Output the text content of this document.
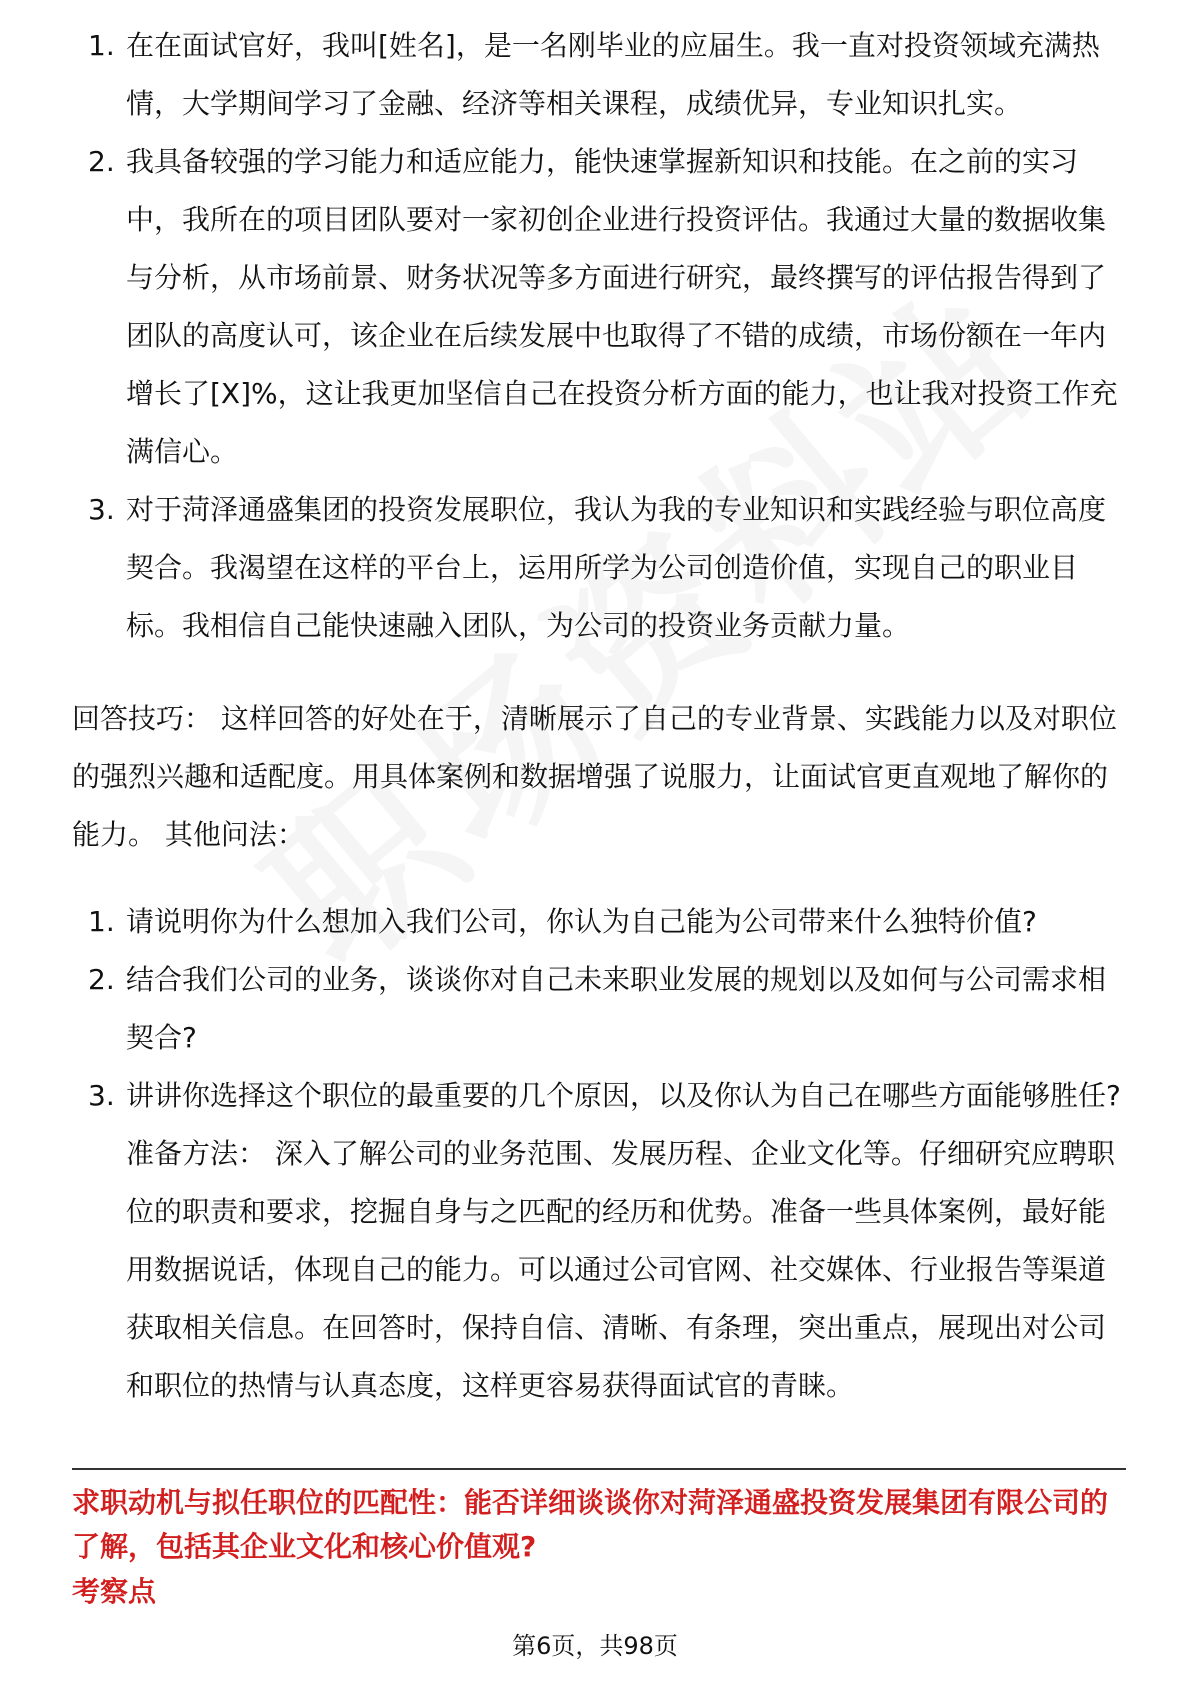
1. 在在面试官好，我叫[姓名]，是一名刚毕业的应届生。我一直对投资领域充满热情，大学期间学习了金融、经济等相关课程，成绩优异，专业知识扎实。
2. 我具备较强的学习能力和适应能力，能快速掌握新知识和技能。在之前的实习中，我所在的项目团队要对一家初创企业进行投资评估。我通过大量的数据收集与分析，从市场前景、财务状况等多方面进行研究，最终撰写的评估报告得到了团队的高度认可，该企业在后续发展中也取得了不错的成绩，市场份额在一年内增长了[X]%，这让我更加坚信自己在投资分析方面的能力，也让我对投资工作充满信心。
3. 对于菏泽通盛集团的投资发展职位，我认为我的专业知识和实践经验与职位高度契合。我渴望在这样的平台上，运用所学为公司创造价值，实现自己的职业目标。我相信自己能快速融入团队，为公司的投资业务贡献力量。

回答技巧： 这样回答的好处在于，清晰展示了自己的专业背景、实践能力以及对职位的强烈兴趣和适配度。用具体案例和数据增强了说服力，让面试官更直观地了解你的能力。 其他问法：

1. 请说明你为什么想加入我们公司，你认为自己能为公司带来什么独特价值?
2. 结合我们公司的业务，谈谈你对自己未来职业发展的规划以及如何与公司需求相契合?
3. 讲讲你选择这个职位的最重要的几个原因，以及你认为自己在哪些方面能够胜任? 准备方法： 深入了解公司的业务范围、发展历程、企业文化等。仔细研究应聘职位的职责和要求，挖掘自身与之匹配的经历和优势。准备一些具体案例，最好能用数据说话，体现自己的能力。可以通过公司官网、社交媒体、行业报告等渠道获取相关信息。在回答时，保持自信、清晰、有条理，突出重点，展现出对公司和职位的热情与认真态度，这样更容易获得面试官的青睐。

求职动机与拟任职位的匹配性：能否详细谈谈你对菏泽通盛投资发展集团有限公司的了解，包括其企业文化和核心价值观?

考察点

第6页，共98页
